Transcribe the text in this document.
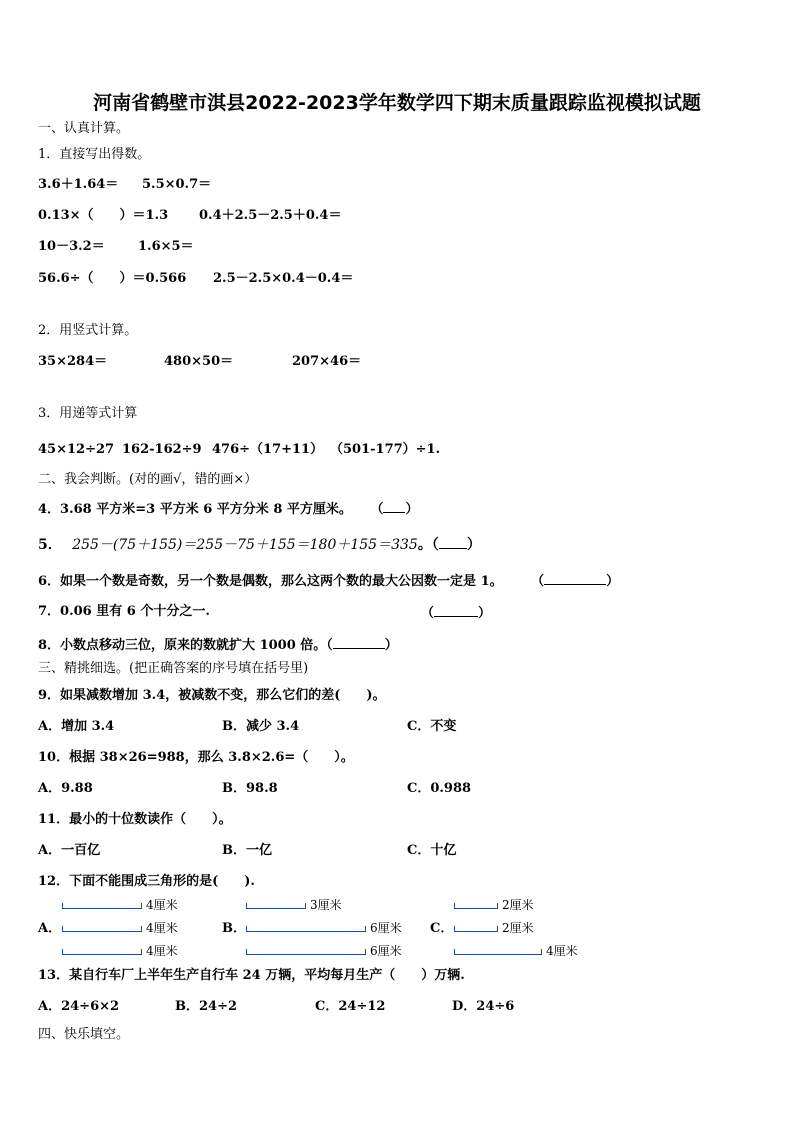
河南省鹤壁市淇县2022-2023学年数学四下期末质量跟踪监视模拟试题
一、认真计算。
1．直接写出得数。
3.6＋1.64＝ 5.5×0.7＝
0.13×（　　）＝1.3 0.4＋2.5－2.5＋0.4＝
10－3.2＝	1.6×5＝
56.6÷（　　）＝0.566 2.5－2.5×0.4－0.4＝
2．用竖式计算。
35×284＝	480×50＝	207×46＝
3．用递等式计算
45×12÷27 162-162÷9 476÷（17+11） （501-177）÷1.
二、我会判断。(对的画√，错的画×）
4．3.68 平方米=3 平方米 6 平方分米 8 平方厘米。 （ ）
5． 255－(75＋155)＝255－75＋155＝180＋155＝335。（ ）
6．如果一个数是奇数，另一个数是偶数，那么这两个数的最大公因数一定是 1。 （	）
7．0.06 里有 6 个十分之一.	（	）
8．小数点移动三位，原来的数就扩大 1000 倍。（	）
三、精挑细选。(把正确答案的序号填在括号里)
9．如果减数增加 3.4，被减数不变，那么它们的差(　　)。
A．增加 3.4	B．减少 3.4	C．不变
10．根据 38×26=988，那么 3.8×2.6=（　　）。
A．9.88	B．98.8	C．0.988
11．最小的十位数读作（　　）。
A．一百亿	B．一亿	C．十亿
12．下面不能围成三角形的是(　　).
A．	B．	C．
4厘米
4厘米
4厘米
3厘米
6厘米
6厘米
2厘米
2厘米
4厘米
13．某自行车厂上半年生产自行车 24 万辆，平均每月生产（　　）万辆.
A．24÷6×2	B．24÷2	C．24÷12	D．24÷6
四、快乐填空。
